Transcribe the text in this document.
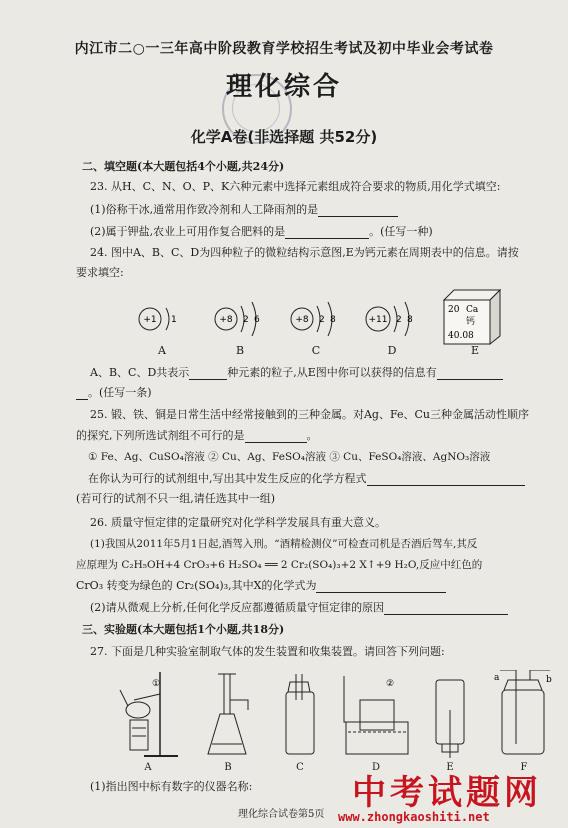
内江市二○一三年高中阶段教育学校招生考试及初中毕业会考试卷
理化综合
化学A卷(非选择题 共52分)
二、填空题(本大题包括4个小题,共24分)
23. 从H、C、N、O、P、K六种元素中选择元素组成符合要求的物质,用化学式填空:
(1)俗称干冰,通常用作致冷剂和人工降雨剂的是
(2)属于钾盐,农业上可用作复合肥料的是	。(任写一种)
24. 图中A、B、C、D为四种粒子的微粒结构示意图,E为钙元素在周期表中的信息。请按
要求填空:
+1 1
A
+8 2 6
B
+8 2 8
C
+11 2 8
D
20 Ca
钙
40.08
E
A、B、C、D共表示	种元素的粒子,从E图中你可以获得的信息有
。(任写一条)
25. 锻、铁、铜是日常生活中经常接触到的三种金属。对Ag、Fe、Cu三种金属活动性顺序
的探究,下列所选试剂组不可行的是	。
① Fe、Ag、CuSO₄溶液 ② Cu、Ag、FeSO₄溶液 ③ Cu、FeSO₄溶液、AgNO₃溶液
在你认为可行的试剂组中,写出其中发生反应的化学方程式
(若可行的试剂不只一组,请任选其中一组)
26. 质量守恒定律的定量研究对化学科学发展具有重大意义。
(1)我国从2011年5月1日起,酒驾入刑。“酒精检测仪”可检查司机是否酒后驾车,其反
应原理为 C₂H₅OH+4 CrO₃+6 H₂SO₄ ══ 2 Cr₂(SO₄)₃+2 X↑+9 H₂O,反应中红色的
CrO₃ 转变为绿色的 Cr₂(SO₄)₃,其中X的化学式为
(2)请从微观上分析,任何化学反应都遵循质量守恒定律的原因
三、实验题(本大题包括1个小题,共18分)
27. 下面是几种实验室制取气体的发生装置和收集装置。请回答下列问题:
①
A	B	C
②
D	E
a	b
F
(1)指出图中标有数字的仪器名称:
理化综合试卷第5页
中考试题网
www.zhongkaoshiti.net
